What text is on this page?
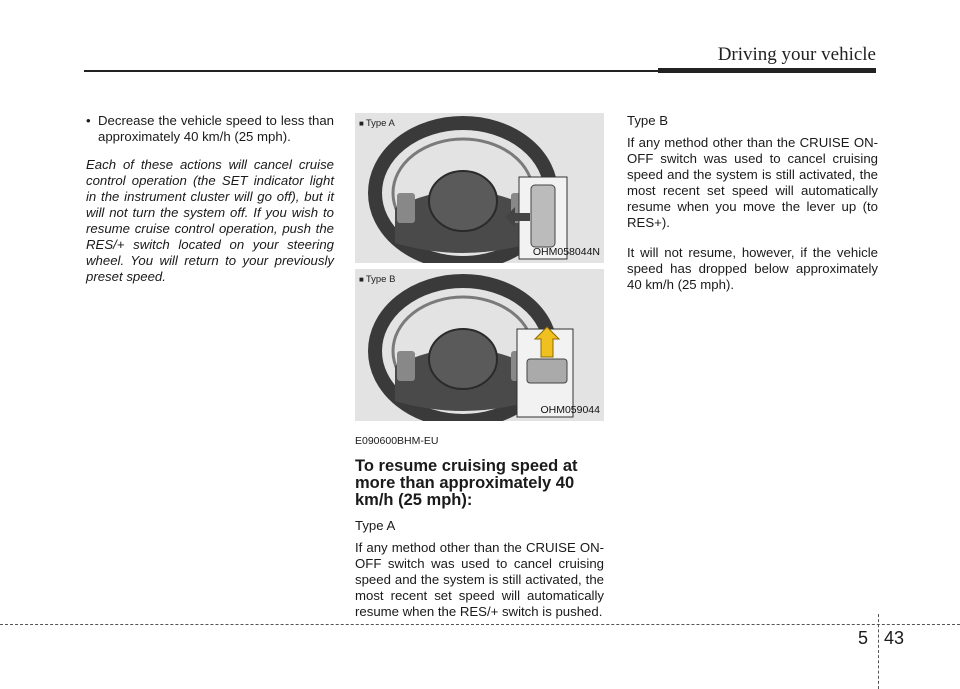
Driving your vehicle
• Decrease the vehicle speed to less than approximately 40 km/h (25 mph).
Each of these actions will cancel cruise control operation (the SET indicator light in the instrument cluster will go off), but it will not turn the system off. If you wish to resume cruise control operation, push the RES/+ switch located on your steering wheel. You will return to your previously preset speed.
■ Type A
OHM058044N
■ Type B
OHM059044
E090600BHM-EU
To resume cruising speed at more than approximately 40 km/h (25 mph):
Type A
If any method other than the CRUISE ON-OFF switch was used to cancel cruising speed and the system is still activated, the most recent set speed will automatically resume when the RES/+ switch is pushed.
Type B
If any method other than the CRUISE ON-OFF switch was used to cancel cruising speed and the system is still activated, the most recent set speed will automatically resume when you move the lever up (to RES+).
It will not resume, however, if the vehicle speed has dropped below approximately 40 km/h (25 mph).
5 43
